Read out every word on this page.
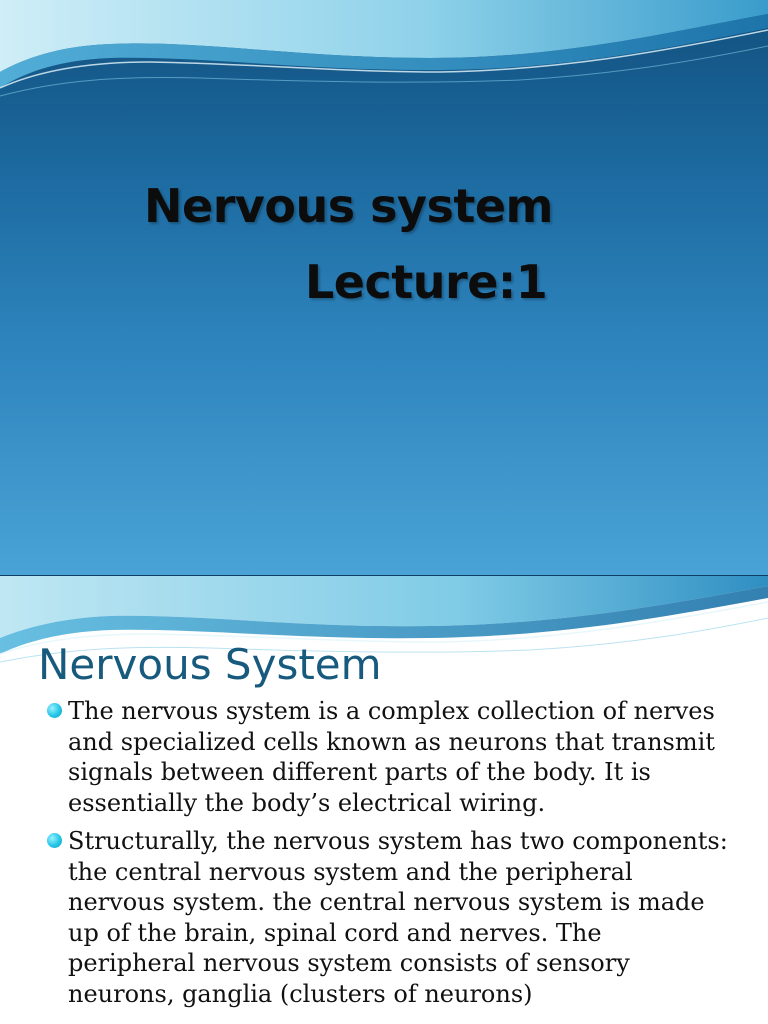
Nervous system
Lecture:1
Nervous System
The nervous system is a complex collection of nerves and specialized cells known as neurons that transmit signals between different parts of the body. It is essentially the body’s electrical wiring.
Structurally, the nervous system has two components: the central nervous system and the peripheral nervous system. the central nervous system is made up of the brain, spinal cord and nerves. The peripheral nervous system consists of sensory neurons, ganglia (clusters of neurons)
